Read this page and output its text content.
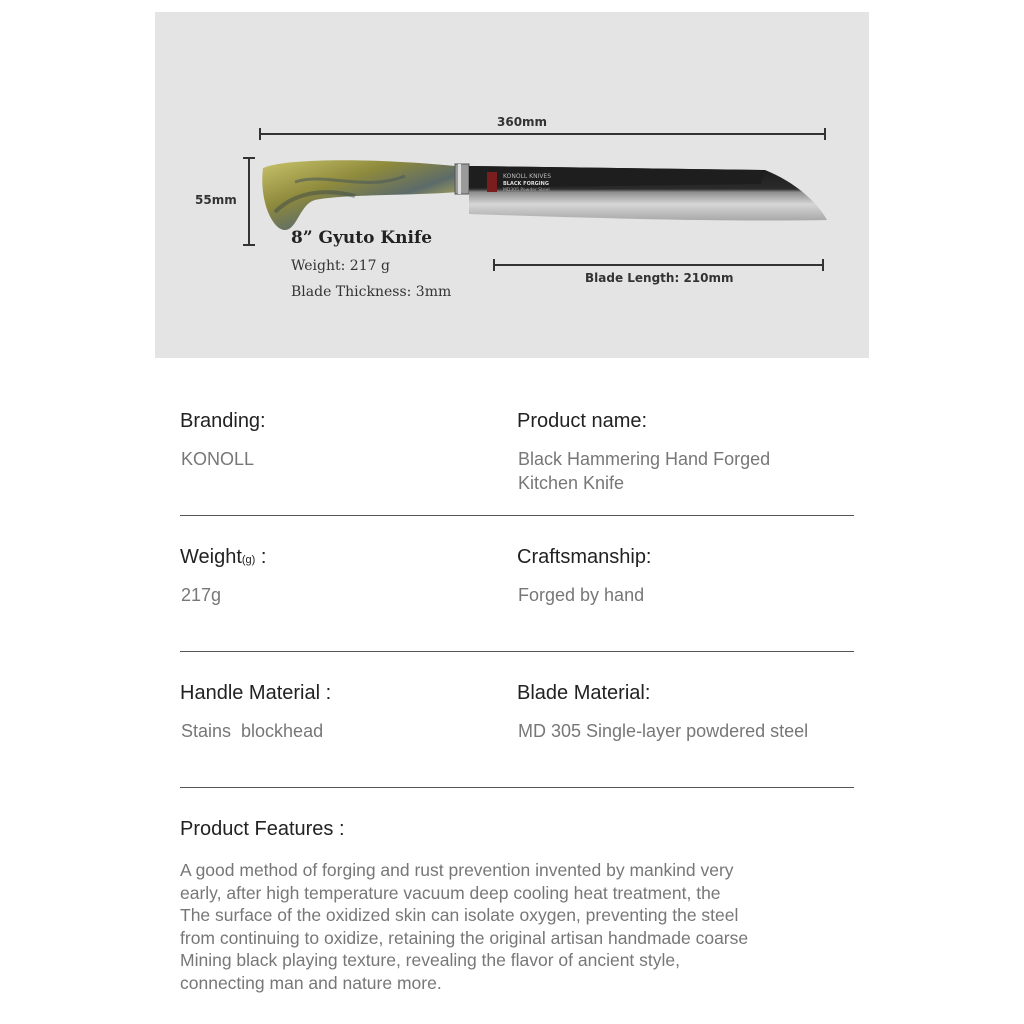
360mm
55mm
KONOLL KNIVES
BLACK FORGING
MD305 Powder Steel
8” Gyuto Knife
Weight: 217 g
Blade Thickness: 3mm
Blade Length: 210mm
Branding:
KONOLL
Product name:
Black Hammering Hand Forged Kitchen Knife
Weight(g) :
217g
Craftsmanship:
Forged by hand
Handle Material :
Stains  blockhead
Blade Material:
MD 305 Single-layer powdered steel
Product Features :
A good method of forging and rust prevention invented by mankind very
early, after high temperature vacuum deep cooling heat treatment, the
The surface of the oxidized skin can isolate oxygen, preventing the steel
from continuing to oxidize, retaining the original artisan handmade coarse
Mining black playing texture, revealing the flavor of ancient style,
connecting man and nature more.
